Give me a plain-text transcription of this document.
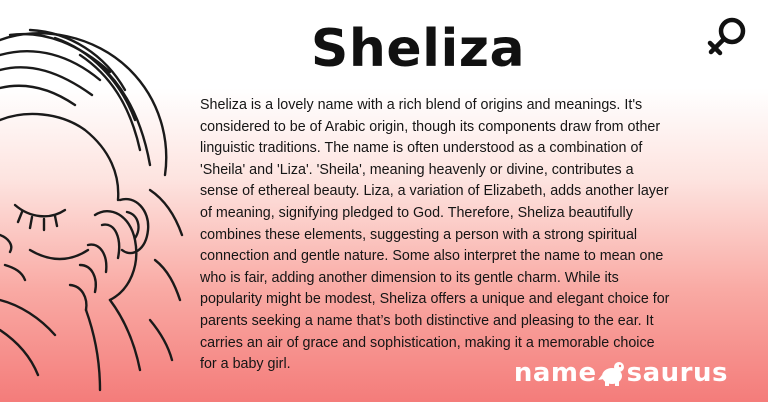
Sheliza

Sheliza is a lovely name with a rich blend of origins and meanings. It's considered to be of Arabic origin, though its components draw from other linguistic traditions. The name is often understood as a combination of 'Sheila' and 'Liza'. 'Sheila', meaning heavenly or divine, contributes a sense of ethereal beauty. Liza, a variation of Elizabeth, adds another layer of meaning, signifying pledged to God. Therefore, Sheliza beautifully combines these elements, suggesting a person with a strong spiritual connection and gentle nature. Some also interpret the name to mean one who is fair, adding another dimension to its gentle charm. While its popularity might be modest, Sheliza offers a unique and elegant choice for parents seeking a name that’s both distinctive and pleasing to the ear. It carries an air of grace and sophistication, making it a memorable choice for a baby girl.	name saurus
